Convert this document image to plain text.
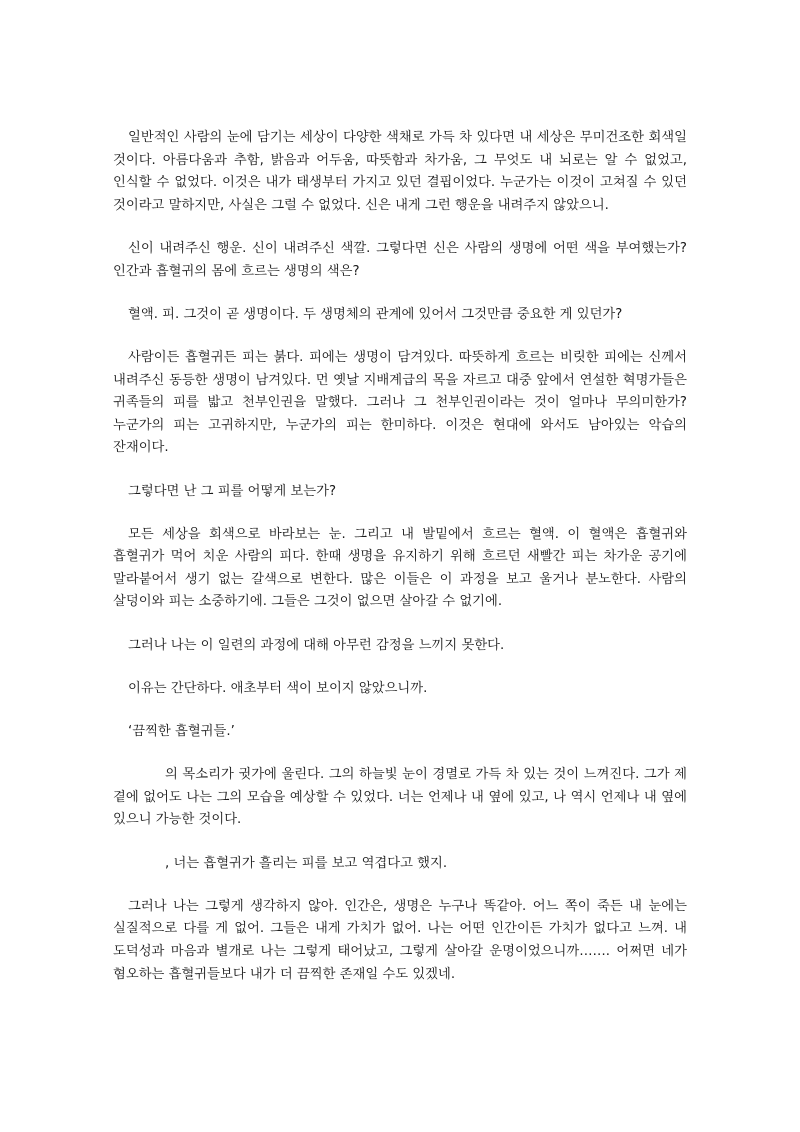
일반적인 사람의 눈에 담기는 세상이 다양한 색채로 가득 차 있다면 내 세상은 무미건조한 회색일 것이다. 아름다움과 추함, 밝음과 어두움, 따뜻함과 차가움, 그 무엇도 내 뇌로는 알 수 없었고, 인식할 수 없었다. 이것은 내가 태생부터 가지고 있던 결핍이었다. 누군가는 이것이 고쳐질 수 있던 것이라고 말하지만, 사실은 그럴 수 없었다. 신은 내게 그런 행운을 내려주지 않았으니.

신이 내려주신 행운. 신이 내려주신 색깔. 그렇다면 신은 사람의 생명에 어떤 색을 부여했는가? 인간과 흡혈귀의 몸에 흐르는 생명의 색은?

혈액. 피. 그것이 곧 생명이다. 두 생명체의 관계에 있어서 그것만큼 중요한 게 있던가?

사람이든 흡혈귀든 피는 붉다. 피에는 생명이 담겨있다. 따뜻하게 흐르는 비릿한 피에는 신께서 내려주신 동등한 생명이 남겨있다. 먼 옛날 지배계급의 목을 자르고 대중 앞에서 연설한 혁명가들은 귀족들의 피를 밟고 천부인권을 말했다. 그러나 그 천부인권이라는 것이 얼마나 무의미한가? 누군가의 피는 고귀하지만, 누군가의 피는 한미하다. 이것은 현대에 와서도 남아있는 악습의 잔재이다.

그렇다면 난 그 피를 어떻게 보는가?

모든 세상을 회색으로 바라보는 눈. 그리고 내 발밑에서 흐르는 혈액. 이 혈액은 흡혈귀와 흡혈귀가 먹어 치운 사람의 피다. 한때 생명을 유지하기 위해 흐르던 새빨간 피는 차가운 공기에 말라붙어서 생기 없는 갈색으로 변한다. 많은 이들은 이 과정을 보고 울거나 분노한다. 사람의 살덩이와 피는 소중하기에. 그들은 그것이 없으면 살아갈 수 없기에.

그러나 나는 이 일련의 과정에 대해 아무런 감정을 느끼지 못한다.

이유는 간단하다. 애초부터 색이 보이지 않았으니까.

‘끔찍한 흡혈귀들.’

의 목소리가 귓가에 울린다. 그의 하늘빛 눈이 경멸로 가득 차 있는 것이 느껴진다. 그가 제 곁에 없어도 나는 그의 모습을 예상할 수 있었다. 너는 언제나 내 옆에 있고, 나 역시 언제나 내 옆에 있으니 가능한 것이다.

, 너는 흡혈귀가 흘리는 피를 보고 역겹다고 했지.

그러나 나는 그렇게 생각하지 않아. 인간은, 생명은 누구나 똑같아. 어느 쪽이 죽든 내 눈에는 실질적으로 다를 게 없어. 그들은 내게 가치가 없어. 나는 어떤 인간이든 가치가 없다고 느껴. 내 도덕성과 마음과 별개로 나는 그렇게 태어났고, 그렇게 살아갈 운명이었으니까……. 어쩌면 네가 혐오하는 흡혈귀들보다 내가 더 끔찍한 존재일 수도 있겠네.
